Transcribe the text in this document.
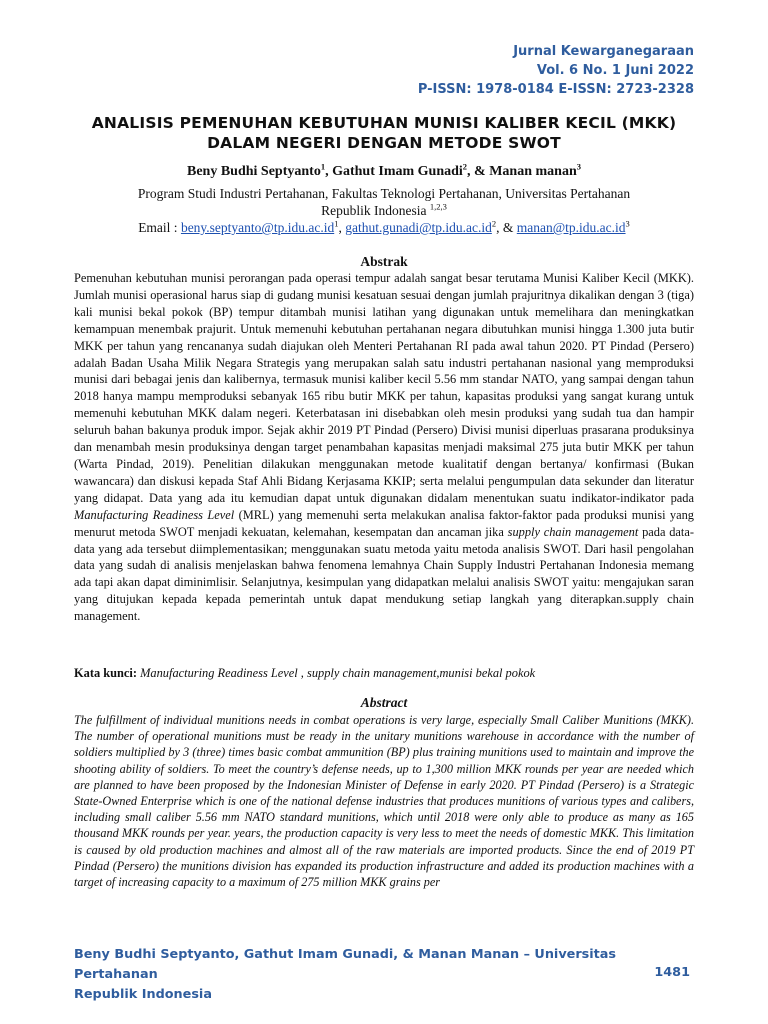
Jurnal Kewarganegaraan
Vol. 6 No. 1 Juni 2022
P-ISSN: 1978-0184 E-ISSN: 2723-2328
ANALISIS PEMENUHAN KEBUTUHAN MUNISI KALIBER KECIL (MKK)
DALAM NEGERI DENGAN METODE SWOT
Beny Budhi Septyanto$^1$, Gathut Imam Gunadi$^2$, & Manan manan$^3$
Program Studi Industri Pertahanan, Fakultas Teknologi Pertahanan, Universitas Pertahanan
Republik Indonesia $^{1,2,3}$
Email : $beny.septyanto@tp.idu.ac.id^1$, $gathut.gunadi@tp.idu.ac.id^2$, & $manan@tp.idu.ac.id^3$
Abstrak
Pemenuhan kebutuhan munisi perorangan pada operasi tempur adalah sangat besar terutama Munisi Kaliber Kecil (MKK). Jumlah munisi operasional harus siap di gudang munisi kesatuan sesuai dengan jumlah prajuritnya dikalikan dengan 3 (tiga) kali munisi bekal pokok (BP) tempur ditambah munisi latihan yang digunakan untuk memelihara dan meningkatkan kemampuan menembak prajurit. Untuk memenuhi kebutuhan pertahanan negara dibutuhkan munisi hingga 1.300 juta butir MKK per tahun yang rencananya sudah diajukan oleh Menteri Pertahanan RI pada awal tahun 2020. PT Pindad (Persero) adalah Badan Usaha Milik Negara Strategis yang merupakan salah satu industri pertahanan nasional yang memproduksi munisi dari bebagai jenis dan kalibernya, termasuk munisi kaliber kecil 5.56 mm standar NATO, yang sampai dengan tahun 2018 hanya mampu memproduksi sebanyak 165 ribu butir MKK per tahun, kapasitas produksi yang sangat kurang untuk memenuhi kebutuhan MKK dalam negeri. Keterbatasan ini disebabkan oleh mesin produksi yang sudah tua dan hampir seluruh bahan bakunya produk impor. Sejak akhir 2019 PT Pindad (Persero) Divisi munisi diperluas prasarana produksinya dan menambah mesin produksinya dengan target penambahan kapasitas menjadi maksimal 275 juta butir MKK per tahun (Warta Pindad, 2019). Penelitian dilakukan menggunakan metode kualitatif dengan bertanya/ konfirmasi (Bukan wawancara) dan diskusi kepada Staf Ahli Bidang Kerjasama KKIP; serta melalui pengumpulan data sekunder dan literatur yang didapat. Data yang ada itu kemudian dapat untuk digunakan didalam menentukan suatu indikator-indikator pada Manufacturing Readiness Level (MRL) yang memenuhi serta melakukan analisa faktor-faktor pada produksi munisi yang menurut metoda SWOT menjadi kekuatan, kelemahan, kesempatan dan ancaman jika supply chain management pada data-data yang ada tersebut diimplementasikan; menggunakan suatu metoda yaitu metoda analisis SWOT. Dari hasil pengolahan data yang sudah di analisis menjelaskan bahwa fenomena lemahnya Chain Supply Industri Pertahanan Indonesia memang ada tapi akan dapat diminimlisir. Selanjutnya, kesimpulan yang didapatkan melalui analisis SWOT yaitu: mengajukan saran yang ditujukan kepada kepada pemerintah untuk dapat mendukung setiap langkah yang diterapkan.supply chain management.
Kata kunci: Manufacturing Readiness Level , supply chain management,munisi bekal pokok
Abstract
The fulfillment of individual munitions needs in combat operations is very large, especially Small Caliber Munitions (MKK). The number of operational munitions must be ready in the unitary munitions warehouse in accordance with the number of soldiers multiplied by 3 (three) times basic combat ammunition (BP) plus training munitions used to maintain and improve the shooting ability of soldiers. To meet the country’s defense needs, up to 1,300 million MKK rounds per year are needed which are planned to have been proposed by the Indonesian Minister of Defense in early 2020. PT Pindad (Persero) is a Strategic State-Owned Enterprise which is one of the national defense industries that produces munitions of various types and calibers, including small caliber 5.56 mm NATO standard munitions, which until 2018 were only able to produce as many as 165 thousand MKK rounds per year. years, the production capacity is very less to meet the needs of domestic MKK. This limitation is caused by old production machines and almost all of the raw materials are imported products. Since the end of 2019 PT Pindad (Persero) the munitions division has expanded its production infrastructure and added its production machines with a target of increasing capacity to a maximum of 275 million MKK grains per
Beny Budhi Septyanto, Gathut Imam Gunadi, & Manan Manan – Universitas Pertahanan
Republik Indonesia
1481
